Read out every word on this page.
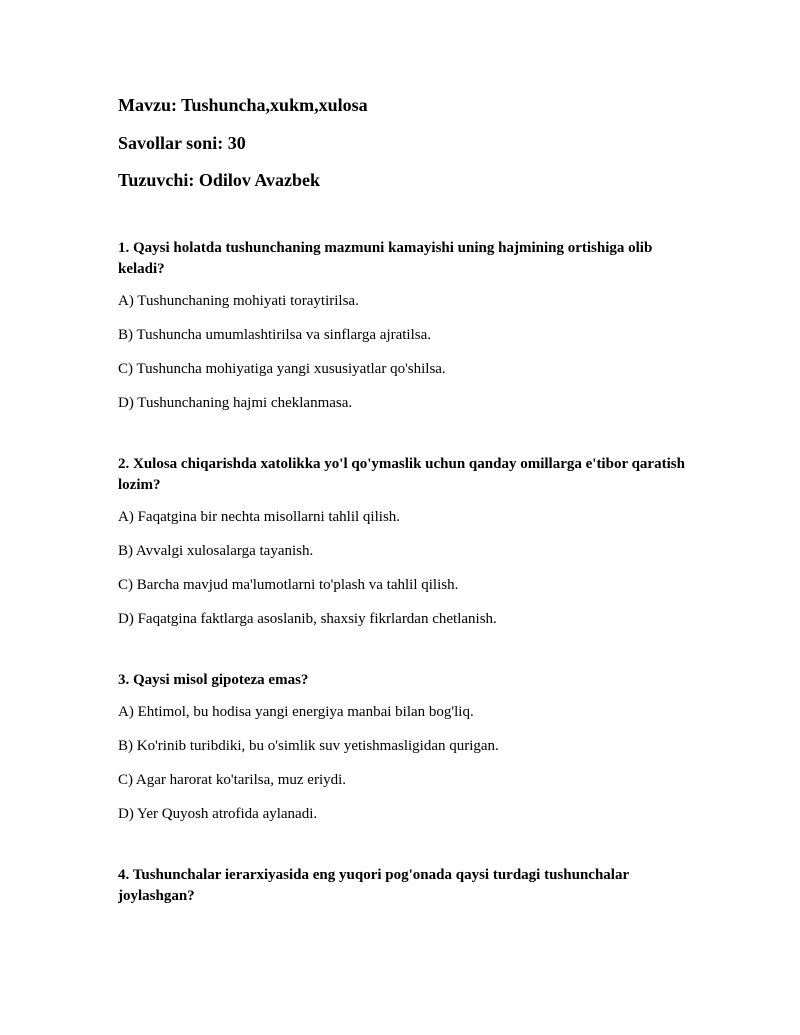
Mavzu: Tushuncha,xukm,xulosa
Savollar soni: 30
Tuzuvchi: Odilov Avazbek
1. Qaysi holatda tushunchaning mazmuni kamayishi uning hajmining ortishiga olib keladi?
A) Tushunchaning mohiyati toraytirilsa.
B) Tushuncha umumlashtirilsa va sinflarga ajratilsa.
C) Tushuncha mohiyatiga yangi xususiyatlar qo'shilsa.
D) Tushunchaning hajmi cheklanmasa.
2. Xulosa chiqarishda xatolikka yo'l qo'ymaslik uchun qanday omillarga e'tibor qaratish lozim?
A) Faqatgina bir nechta misollarni tahlil qilish.
B) Avvalgi xulosalarga tayanish.
C) Barcha mavjud ma'lumotlarni to'plash va tahlil qilish.
D) Faqatgina faktlarga asoslanib, shaxsiy fikrlardan chetlanish.
3. Qaysi misol gipoteza emas?
A) Ehtimol, bu hodisa yangi energiya manbai bilan bog'liq.
B) Ko'rinib turibdiki, bu o'simlik suv yetishmasligidan qurigan.
C) Agar harorat ko'tarilsa, muz eriydi.
D) Yer Quyosh atrofida aylanadi.
4. Tushunchalar ierarxiyasida eng yuqori pog'onada qaysi turdagi tushunchalar joylashgan?
